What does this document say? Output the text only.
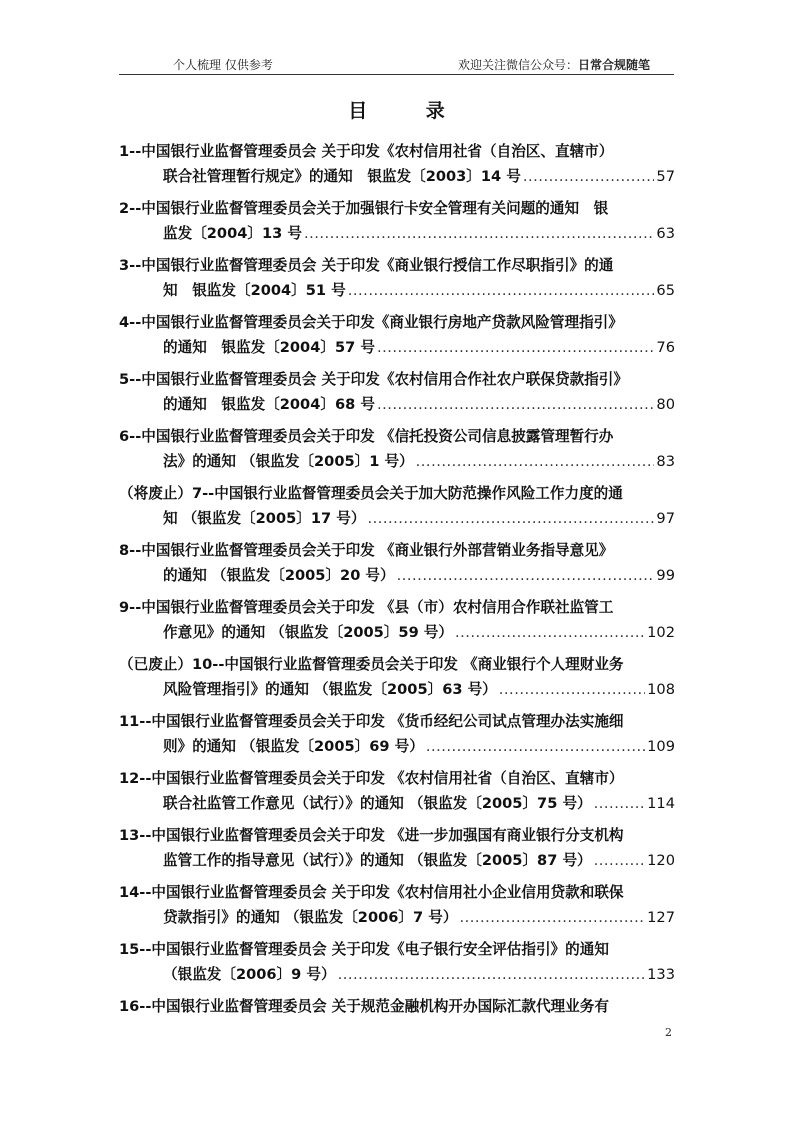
个人梳理 仅供参考	欢迎关注微信公众号：日常合规随笔
目 录
1--中国银行业监督管理委员会 关于印发《农村信用社省（自治区、直辖市）
联合社管理暂行规定》的通知　银监发〔2003〕14 号 .....	57
2--中国银行业监督管理委员会关于加强银行卡安全管理有关问题的通知　银
监发〔2004〕13 号 .....	63
3--中国银行业监督管理委员会 关于印发《商业银行授信工作尽职指引》的通
知　银监发〔2004〕51 号 .....	65
4--中国银行业监督管理委员会关于印发《商业银行房地产贷款风险管理指引》
的通知　银监发〔2004〕57 号 .....	76
5--中国银行业监督管理委员会 关于印发《农村信用合作社农户联保贷款指引》
的通知　银监发〔2004〕68 号 .....	80
6--中国银行业监督管理委员会关于印发 《信托投资公司信息披露管理暂行办
法》的通知 （银监发〔2005〕1 号） .....	83
（将废止）7--中国银行业监督管理委员会关于加大防范操作风险工作力度的通
知 （银监发〔2005〕17 号） .....	97
8--中国银行业监督管理委员会关于印发 《商业银行外部营销业务指导意见》
的通知 （银监发〔2005〕20 号） .....	99
9--中国银行业监督管理委员会关于印发 《县（市）农村信用合作联社监管工
作意见》的通知 （银监发〔2005〕59 号） .....	102
（已废止）10--中国银行业监督管理委员会关于印发 《商业银行个人理财业务
风险管理指引》的通知 （银监发〔2005〕63 号） .....	108
11--中国银行业监督管理委员会关于印发 《货币经纪公司试点管理办法实施细
则》的通知 （银监发〔2005〕69 号） .....	109
12--中国银行业监督管理委员会关于印发 《农村信用社省（自治区、直辖市）
联合社监管工作意见（试行）》的通知 （银监发〔2005〕75 号） .....	114
13--中国银行业监督管理委员会关于印发 《进一步加强国有商业银行分支机构
监管工作的指导意见（试行）》的通知 （银监发〔2005〕87 号） .....	120
14--中国银行业监督管理委员会 关于印发《农村信用社小企业信用贷款和联保
贷款指引》的通知 （银监发〔2006〕7 号） .....	127
15--中国银行业监督管理委员会 关于印发《电子银行安全评估指引》的通知
（银监发〔2006〕9 号） .....	133
16--中国银行业监督管理委员会 关于规范金融机构开办国际汇款代理业务有
2
